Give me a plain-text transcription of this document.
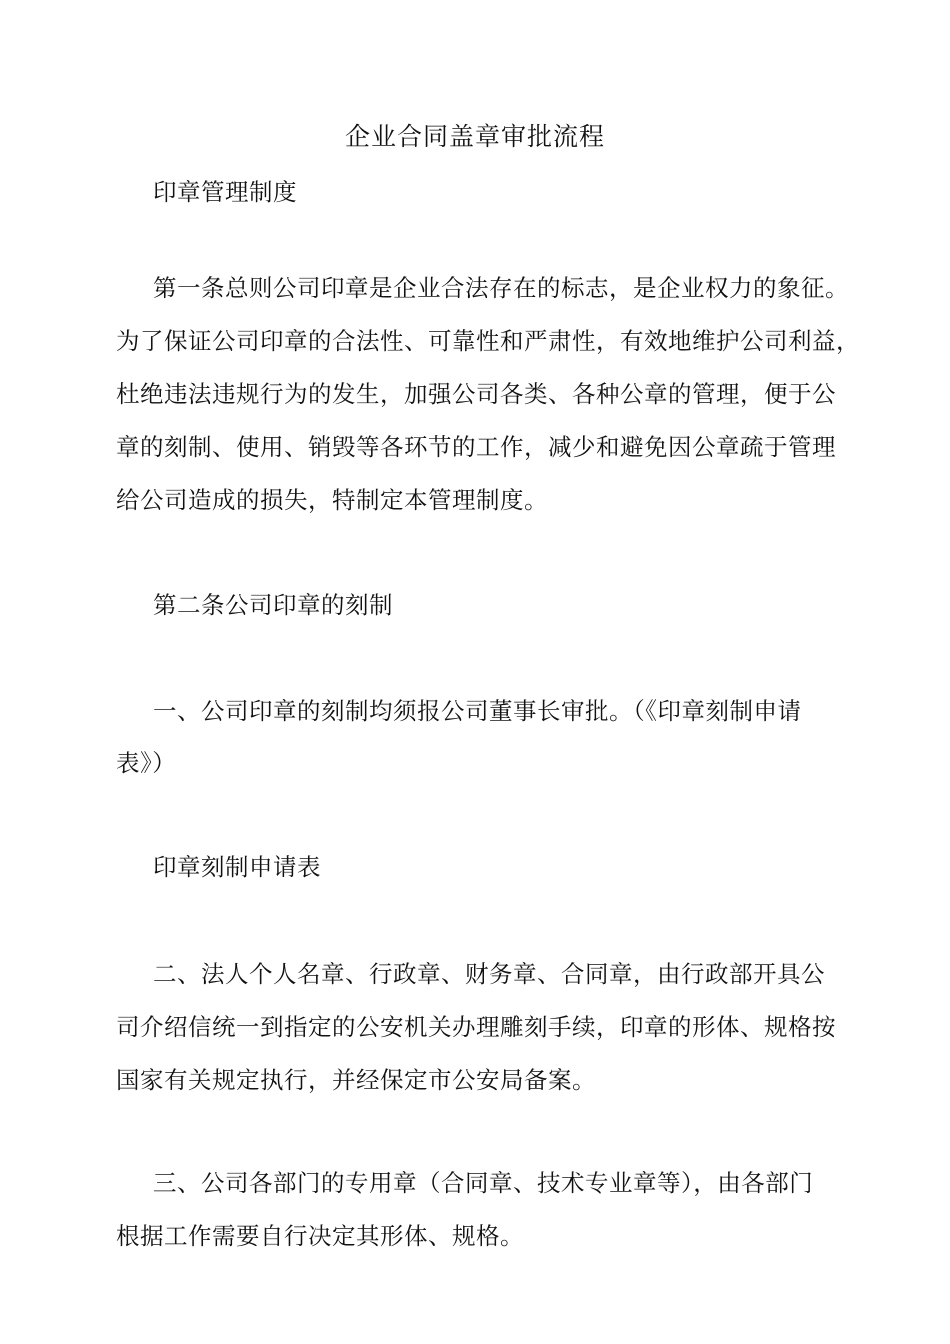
企业合同盖章审批流程
印章管理制度
第一条总则公司印章是企业合法存在的标志，是企业权力的象征。
为了保证公司印章的合法性、可靠性和严肃性，有效地维护公司利益，
杜绝违法违规行为的发生，加强公司各类、各种公章的管理，便于公
章的刻制、使用、销毁等各环节的工作，减少和避免因公章疏于管理
给公司造成的损失，特制定本管理制度。
第二条公司印章的刻制
一、公司印章的刻制均须报公司董事长审批。（《印章刻制申请
表》）
印章刻制申请表
二、法人个人名章、行政章、财务章、合同章，由行政部开具公
司介绍信统一到指定的公安机关办理雕刻手续，印章的形体、规格按
国家有关规定执行，并经保定市公安局备案。
三、公司各部门的专用章（合同章、技术专业章等），由各部门
根据工作需要自行决定其形体、规格。
